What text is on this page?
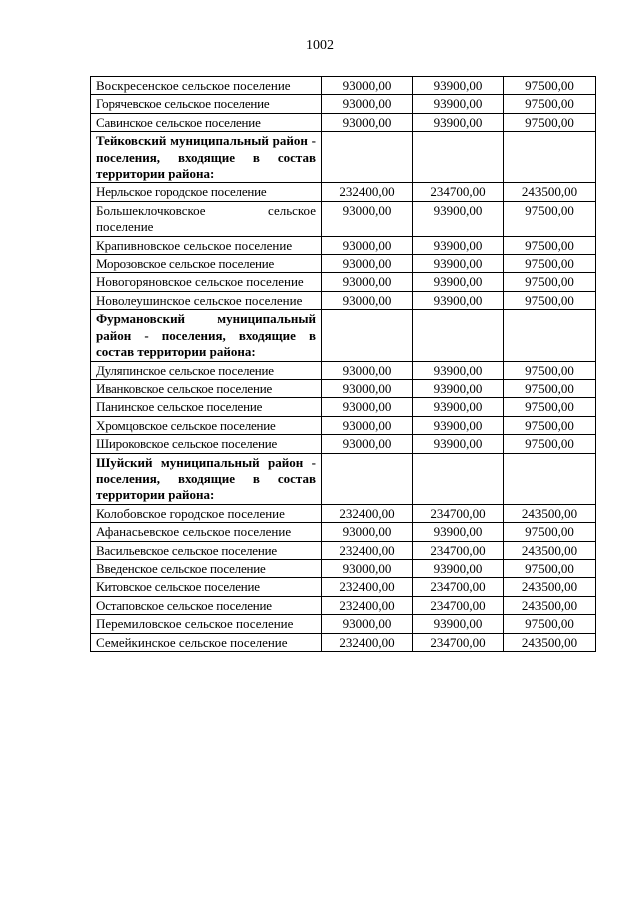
1002
Воскресенское сельское поселение	93000,00	93900,00	97500,00
Горячевское сельское поселение	93000,00	93900,00	97500,00
Савинское сельское поселение	93000,00	93900,00	97500,00
Тейковский муниципальный район - поселения, входящие в состав территории района:			
Нерльское городское поселение	232400,00	234700,00	243500,00
Большеклочковское сельское поселение	93000,00	93900,00	97500,00
Крапивновское сельское поселение	93000,00	93900,00	97500,00
Морозовское сельское поселение	93000,00	93900,00	97500,00
Новогоряновское сельское поселение	93000,00	93900,00	97500,00
Новолеушинское сельское поселение	93000,00	93900,00	97500,00
Фурмановский муниципальный район - поселения, входящие в состав территории района:			
Дуляпинское сельское поселение	93000,00	93900,00	97500,00
Иванковское сельское поселение	93000,00	93900,00	97500,00
Панинское сельское поселение	93000,00	93900,00	97500,00
Хромцовское сельское поселение	93000,00	93900,00	97500,00
Широковское сельское поселение	93000,00	93900,00	97500,00
Шуйский муниципальный район - поселения, входящие в состав территории района:			
Колобовское городское поселение	232400,00	234700,00	243500,00
Афанасьевское сельское поселение	93000,00	93900,00	97500,00
Васильевское сельское поселение	232400,00	234700,00	243500,00
Введенское сельское поселение	93000,00	93900,00	97500,00
Китовское сельское поселение	232400,00	234700,00	243500,00
Остаповское сельское поселение	232400,00	234700,00	243500,00
Перемиловское сельское поселение	93000,00	93900,00	97500,00
Семейкинское сельское поселение	232400,00	234700,00	243500,00
